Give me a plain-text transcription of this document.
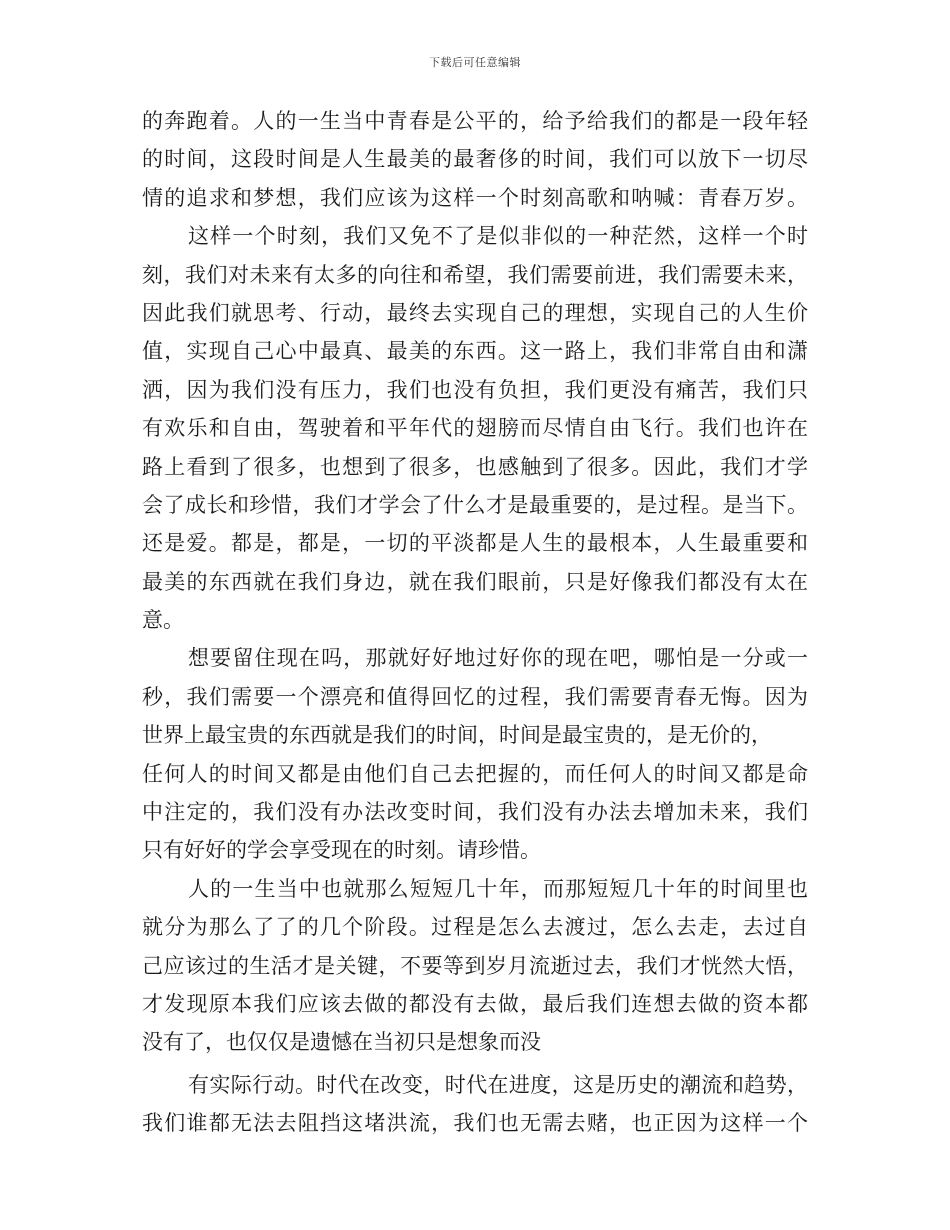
下载后可任意编辑
的奔跑着。人的一生当中青春是公平的，给予给我们的都是一段年轻
的时间，这段时间是人生最美的最奢侈的时间，我们可以放下一切尽
情的追求和梦想，我们应该为这样一个时刻高歌和呐喊：青春万岁。
这样一个时刻，我们又免不了是似非似的一种茫然，这样一个时
刻，我们对未来有太多的向往和希望，我们需要前进，我们需要未来，
因此我们就思考、行动，最终去实现自己的理想，实现自己的人生价
值，实现自己心中最真、最美的东西。这一路上，我们非常自由和潇
洒，因为我们没有压力，我们也没有负担，我们更没有痛苦，我们只
有欢乐和自由，驾驶着和平年代的翅膀而尽情自由飞行。我们也许在
路上看到了很多，也想到了很多，也感触到了很多。因此，我们才学
会了成长和珍惜，我们才学会了什么才是最重要的，是过程。是当下。
还是爱。都是，都是，一切的平淡都是人生的最根本，人生最重要和
最美的东西就在我们身边，就在我们眼前，只是好像我们都没有太在
意。
想要留住现在吗，那就好好地过好你的现在吧，哪怕是一分或一
秒，我们需要一个漂亮和值得回忆的过程，我们需要青春无悔。因为
世界上最宝贵的东西就是我们的时间，时间是最宝贵的，是无价的，
任何人的时间又都是由他们自己去把握的，而任何人的时间又都是命
中注定的，我们没有办法改变时间，我们没有办法去增加未来，我们
只有好好的学会享受现在的时刻。请珍惜。
人的一生当中也就那么短短几十年，而那短短几十年的时间里也
就分为那么了了的几个阶段。过程是怎么去渡过，怎么去走，去过自
己应该过的生活才是关键，不要等到岁月流逝过去，我们才恍然大悟，
才发现原本我们应该去做的都没有去做，最后我们连想去做的资本都
没有了，也仅仅是遗憾在当初只是想象而没
有实际行动。时代在改变，时代在进度，这是历史的潮流和趋势，
我们谁都无法去阻挡这堵洪流，我们也无需去赌，也正因为这样一个
